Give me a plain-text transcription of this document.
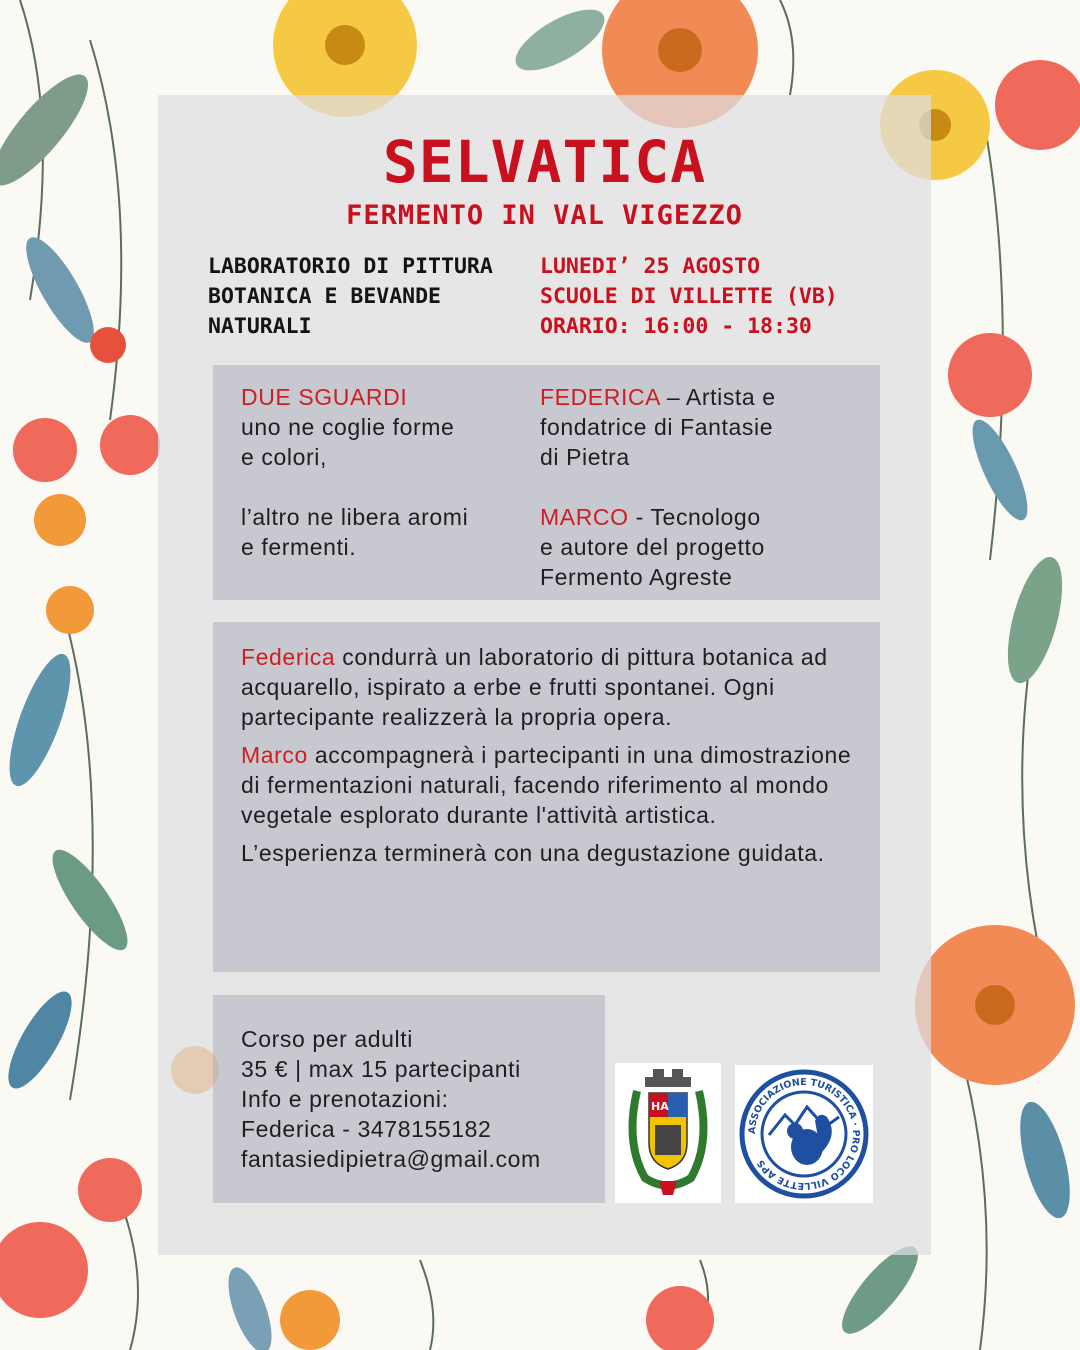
SELVATICA
FERMENTO IN VAL VIGEZZO
LABORATORIO DI PITTURA
BOTANICA E BEVANDE
NATURALI
LUNEDI’ 25 AGOSTO
SCUOLE DI VILLETTE (VB)
ORARIO: 16:00 - 18:30
DUE SGUARDI
uno ne coglie forme
e colori,
l’altro ne libera aromi
e fermenti.
FEDERICA – Artista e
fondatrice di Fantasie
di Pietra
MARCO - Tecnologo
e autore del progetto
Fermento Agreste

Federica condurrà un laboratorio di pittura botanica ad acquarello, ispirato a erbe e frutti spontanei. Ogni partecipante realizzerà la propria opera.

Marco accompagnerà i partecipanti in una dimostrazione di fermentazioni naturali, facendo riferimento al mondo vegetale esplorato durante l'attività artistica.

L’esperienza terminerà con una degustazione guidata.

Corso per adulti
35 € | max 15 partecipanti
Info e prenotazioni:
Federica - 3478155182
fantasiedipietra@gmail.com
HA
ASSOCIAZIONE TURISTICA · PRO LOCO VILLETTE APS
